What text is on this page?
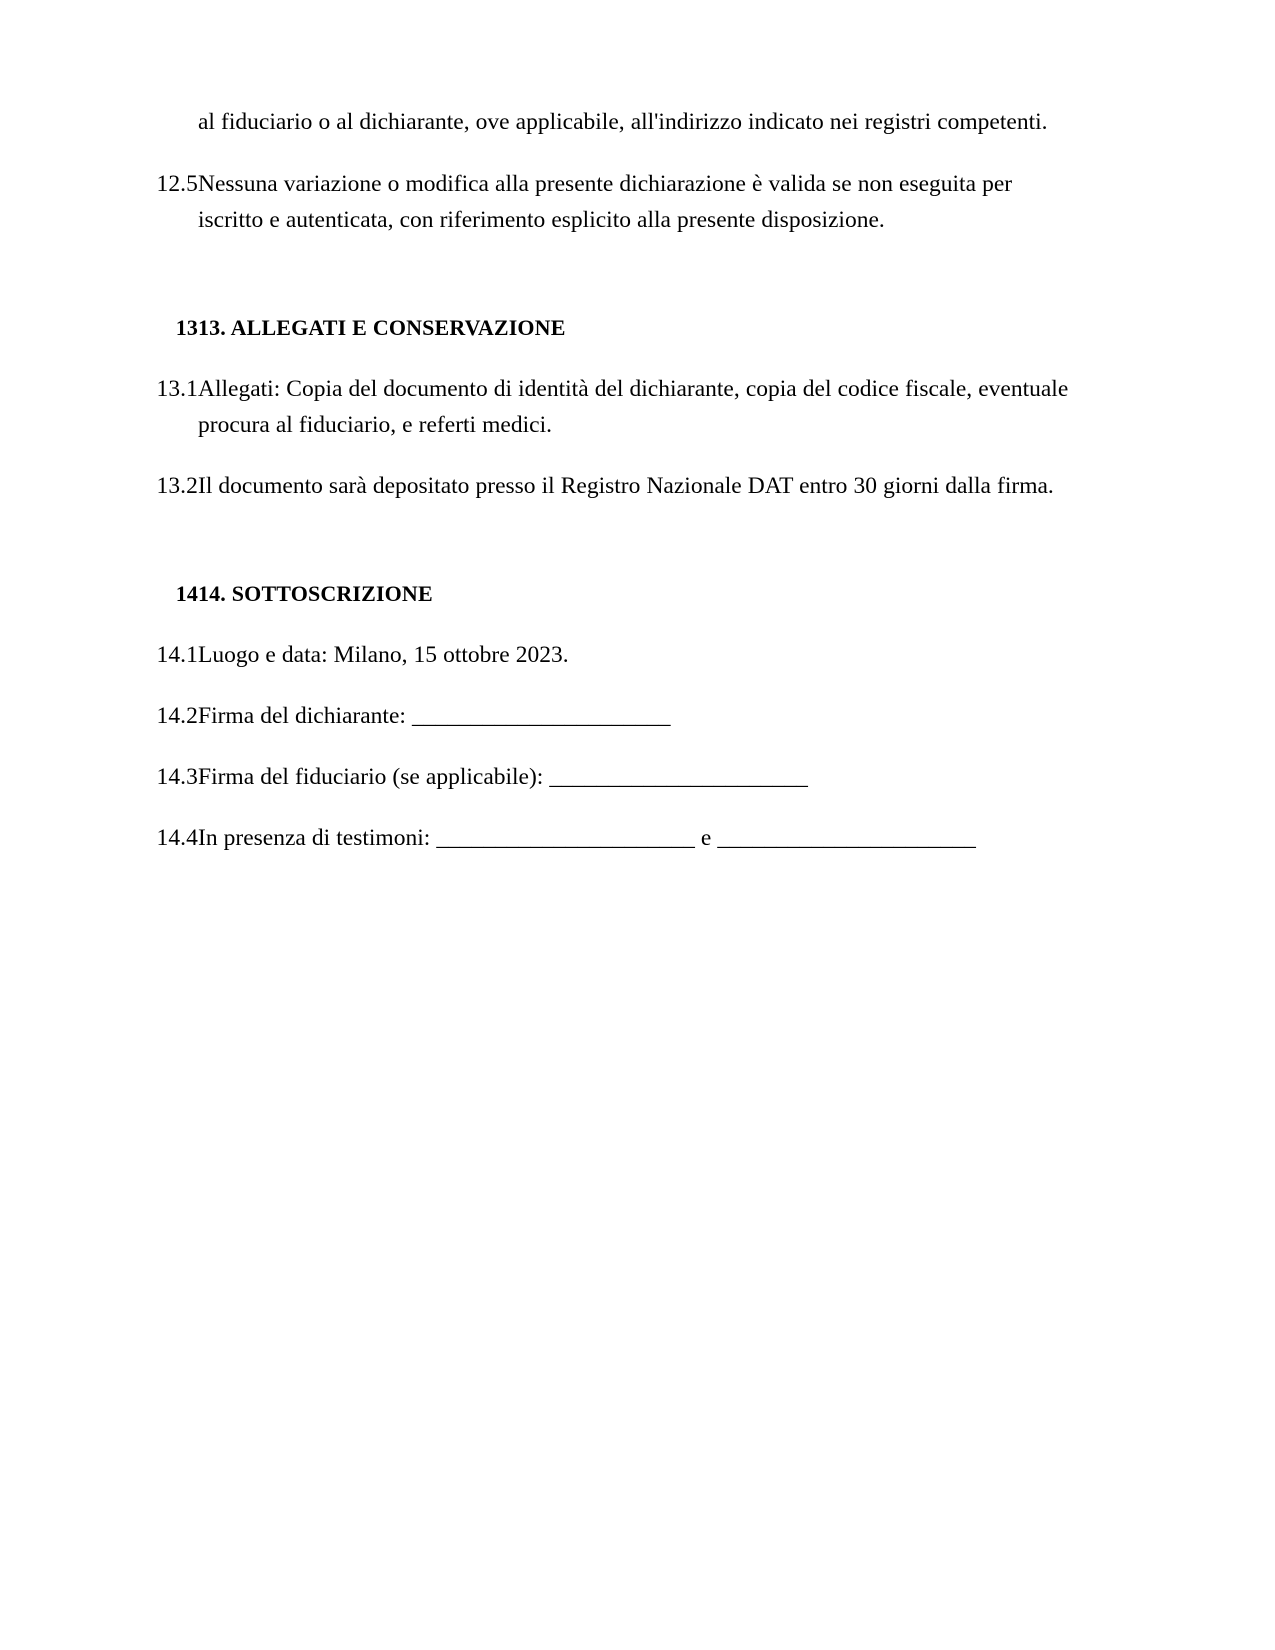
al fiduciario o al dichiarante, ove applicabile, all'indirizzo indicato nei registri competenti.
12.5 Nessuna variazione o modifica alla presente dichiarazione è valida se non eseguita per iscritto e autenticata, con riferimento esplicito alla presente disposizione.
13 13. ALLEGATI E CONSERVAZIONE
13.1 Allegati: Copia del documento di identità del dichiarante, copia del codice fiscale, eventuale procura al fiduciario, e referti medici.
13.2 Il documento sarà depositato presso il Registro Nazionale DAT entro 30 giorni dalla firma.
14 14. SOTTOSCRIZIONE
14.1 Luogo e data: Milano, 15 ottobre 2023.
14.2 Firma del dichiarante: ______________________
14.3 Firma del fiduciario (se applicabile): ______________________
14.4 In presenza di testimoni: ______________________ e ______________________
